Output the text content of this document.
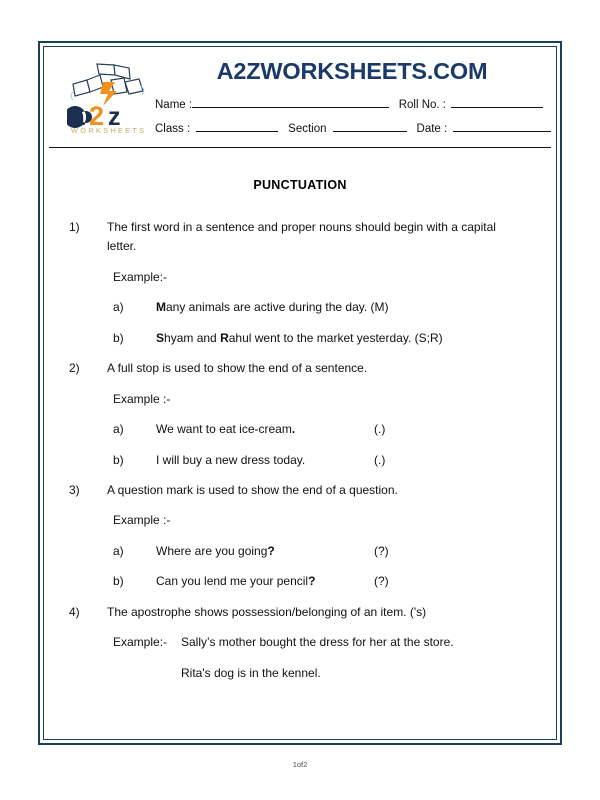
a 2 z
WORKSHEETS
A2ZWORKSHEETS.COM
Name :	Roll No. :
Class :	Section	Date :
PUNCTUATION
1)	The first word in a sentence and proper nouns should begin with a capital letter.
Example:-
a)	Many animals are active during the day. (M)
b)	Shyam and Rahul went to the market yesterday. (S;R)
2)	A full stop is used to show the end of a sentence.
Example :-
a)	We want to eat ice-cream.	(.)
b)	I will buy a new dress today.	(.)
3)	A question mark is used to show the end of a question.
Example :-
a)	Where are you going?	(?)
b)	Can you lend me your pencil?	(?)
4)	The apostrophe shows possession/belonging of an item. ('s)
Example:-	Sally’s mother bought the dress for her at the store.
Rita's dog is in the kennel.
1of2
